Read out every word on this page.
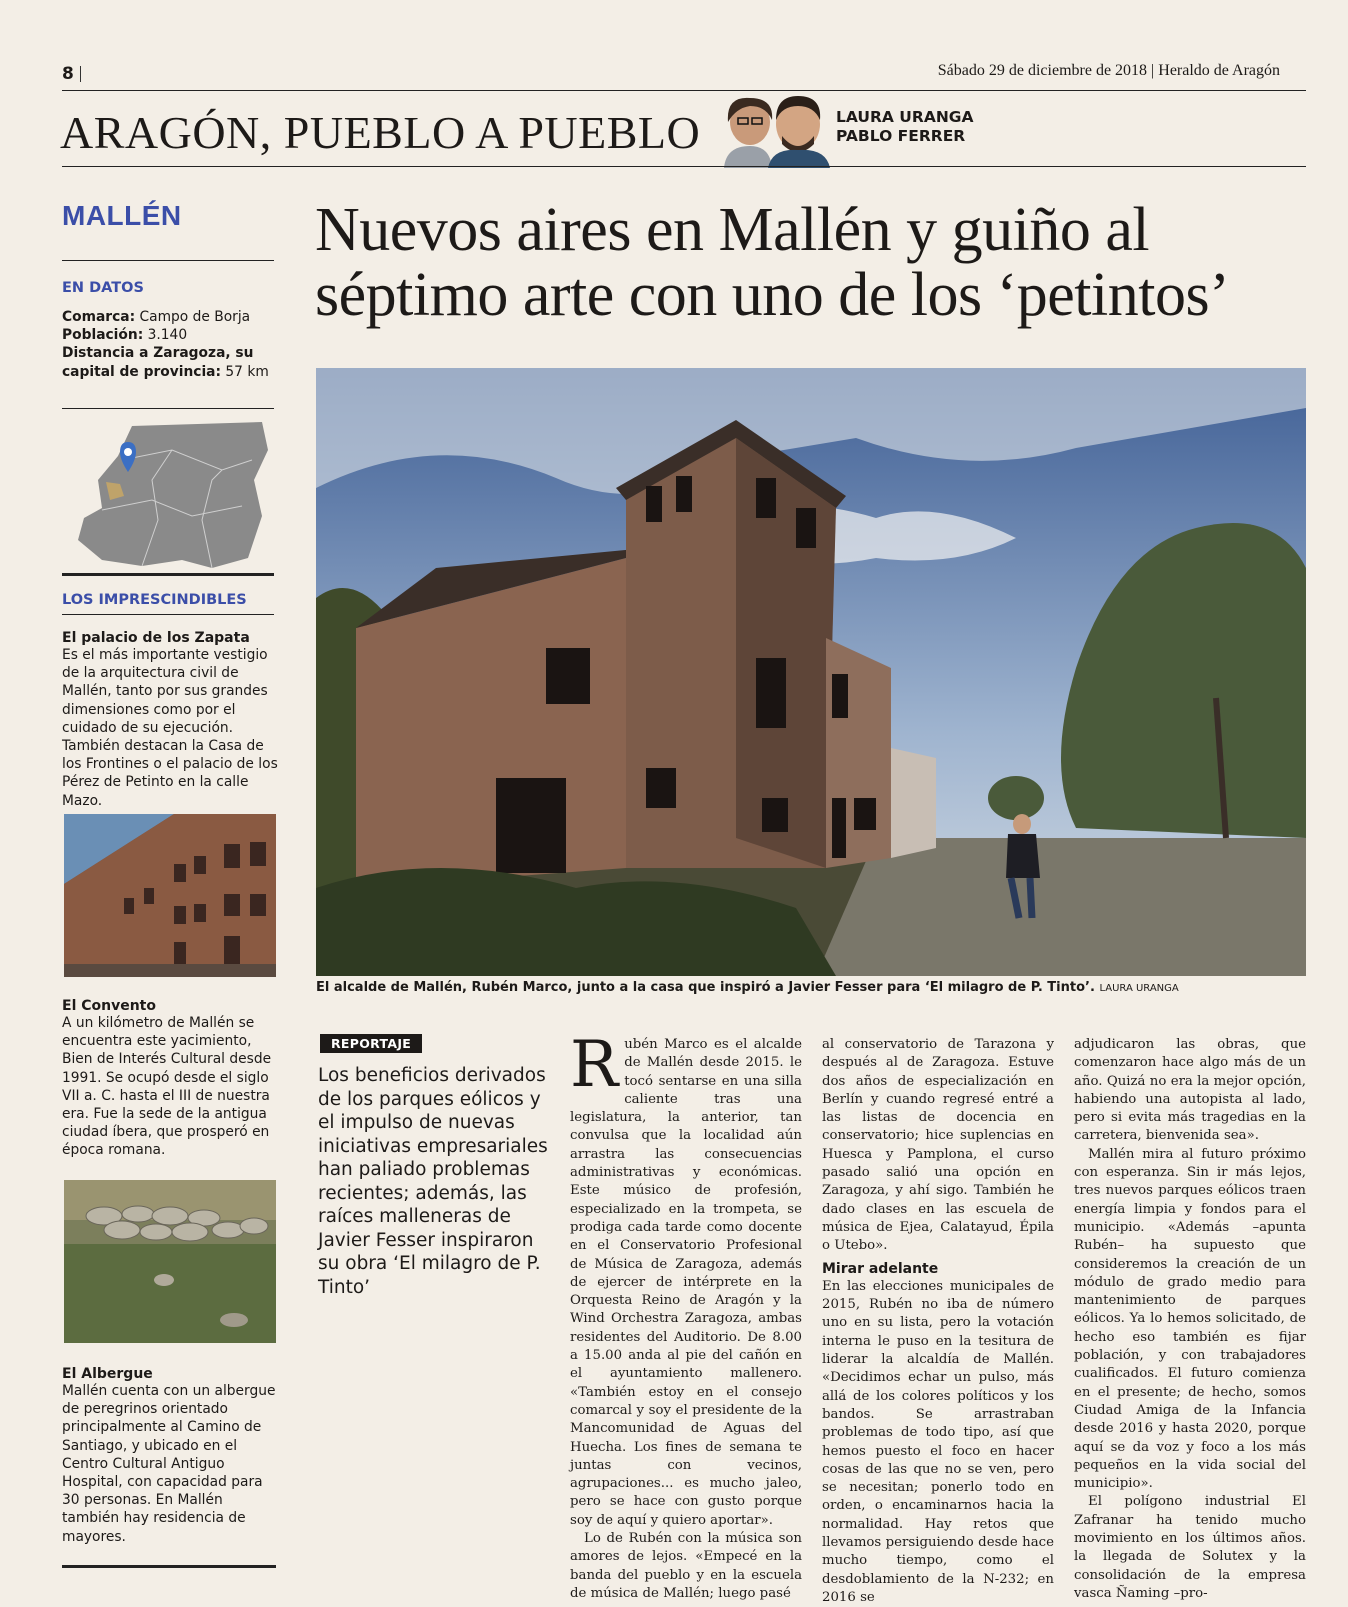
8	Sábado 29 de diciembre de 2018 | Heraldo de Aragón
ARAGÓN, PUEBLO A PUEBLO	LAURA URANGA
PABLO FERRER
MALLÉN
EN DATOS
Comarca: Campo de Borja
Población: 3.140
Distancia a Zaragoza, su capital de provincia: 57 km
LOS IMPRESCINDIBLES
El palacio de los Zapata
Es el más importante vestigio de la arquitectura civil de Mallén, tanto por sus grandes dimensiones como por el cuidado de su ejecución. También destacan la Casa de los Frontines o el palacio de los Pérez de Petinto en la calle Mazo.
El Convento
A un kilómetro de Mallén se encuentra este yacimiento, Bien de Interés Cultural desde 1991. Se ocupó desde el siglo VII a. C. hasta el III de nuestra era. Fue la sede de la antigua ciudad íbera, que prosperó en época romana.
El Albergue
Mallén cuenta con un albergue de peregrinos orientado principalmente al Camino de Santiago, y ubicado en el Centro Cultural Antiguo Hospital, con capacidad para 30 personas. En Mallén también hay residencia de mayores.
Nuevos aires en Mallén y guiño al séptimo arte con uno de los ‘petintos’
El alcalde de Mallén, Rubén Marco, junto a la casa que inspiró a Javier Fesser para ‘El milagro de P. Tinto’. LAURA URANGA
REPORTAJE
Los beneficios derivados de los parques eólicos y el impulso de nuevas iniciativas empresariales han paliado problemas recientes; además, las raíces malleneras de Javier Fesser inspiraron su obra ‘El milagro de P. Tinto’
R ubén Marco es el alcalde de Mallén desde 2015. le tocó sentarse en una silla caliente tras una legislatura, la anterior, tan convulsa que la localidad aún arrastra las consecuencias administrativas y económicas. Este músico de profesión, especializado en la trompeta, se prodiga cada tarde como docente en el Conservatorio Profesional de Música de Zaragoza, además de ejercer de intérprete en la Orquesta Reino de Aragón y la Wind Orchestra Zaragoza, ambas residentes del Auditorio. De 8.00 a 15.00 anda al pie del cañón en el ayuntamiento mallenero. «También estoy en el consejo comarcal y soy el presidente de la Mancomunidad de Aguas del Huecha. Los fines de semana te juntas con vecinos, agrupaciones... es mucho jaleo, pero se hace con gusto porque soy de aquí y quiero aportar».

Lo de Rubén con la música son amores de lejos. «Empecé en la banda del pueblo y en la escuela de música de Mallén; luego pasé

al conservatorio de Tarazona y después al de Zaragoza. Estuve dos años de especialización en Berlín y cuando regresé entré a las listas de docencia en conservatorio; hice suplencias en Huesca y Pamplona, el curso pasado salió una opción en Zaragoza, y ahí sigo. También he dado clases en las escuela de música de Ejea, Calatayud, Épila o Utebo».

Mirar adelante

En las elecciones municipales de 2015, Rubén no iba de número uno en su lista, pero la votación interna le puso en la tesitura de liderar la alcaldía de Mallén. «Decidimos echar un pulso, más allá de los colores políticos y los bandos. Se arrastraban problemas de todo tipo, así que hemos puesto el foco en hacer cosas de las que no se ven, pero se necesitan; ponerlo todo en orden, o encaminarnos hacia la normalidad. Hay retos que llevamos persiguiendo desde hace mucho tiempo, como el desdoblamiento de la N-232; en 2016 se

adjudicaron las obras, que comenzaron hace algo más de un año. Quizá no era la mejor opción, habiendo una autopista al lado, pero si evita más tragedias en la carretera, bienvenida sea».

Mallén mira al futuro próximo con esperanza. Sin ir más lejos, tres nuevos parques eólicos traen energía limpia y fondos para el municipio. «Además –apunta Rubén– ha supuesto que consideremos la creación de un módulo de grado medio para mantenimiento de parques eólicos. Ya lo hemos solicitado, de hecho eso también es fijar población, y con trabajadores cualificados. El futuro comienza en el presente; de hecho, somos Ciudad Amiga de la Infancia desde 2016 y hasta 2020, porque aquí se da voz y foco a los más pequeños en la vida social del municipio».

El polígono industrial El Zafranar ha tenido mucho movimiento en los últimos años. la llegada de Solutex y la consolidación de la empresa vasca Ñaming –pro-
